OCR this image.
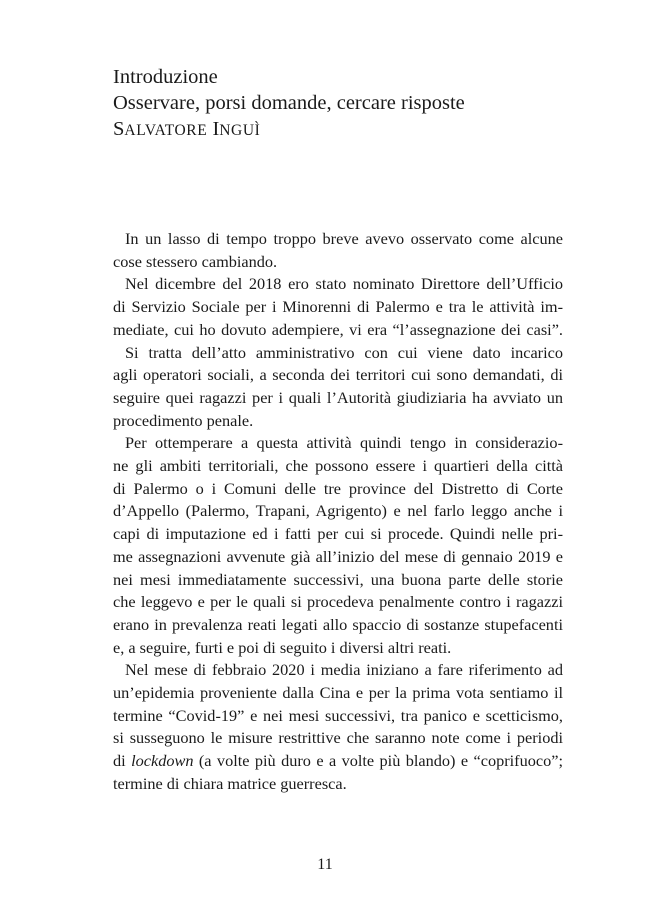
Introduzione
Osservare, porsi domande, cercare risposte
SALVATORE INGUÌ

In un lasso di tempo troppo breve avevo osservato come alcune
cose stessero cambiando.

Nel dicembre del 2018 ero stato nominato Direttore dell’Ufficio
di Servizio Sociale per i Minorenni di Palermo e tra le attività im-
mediate, cui ho dovuto adempiere, vi era “l’assegnazione dei casi”.

Si tratta dell’atto amministrativo con cui viene dato incarico
agli operatori sociali, a seconda dei territori cui sono demandati, di
seguire quei ragazzi per i quali l’Autorità giudiziaria ha avviato un
procedimento penale.

Per ottemperare a questa attività quindi tengo in considerazio-
ne gli ambiti territoriali, che possono essere i quartieri della città
di Palermo o i Comuni delle tre province del Distretto di Corte
d’Appello (Palermo, Trapani, Agrigento) e nel farlo leggo anche i
capi di imputazione ed i fatti per cui si procede. Quindi nelle pri-
me assegnazioni avvenute già all’inizio del mese di gennaio 2019 e
nei mesi immediatamente successivi, una buona parte delle storie
che leggevo e per le quali si procedeva penalmente contro i ragazzi
erano in prevalenza reati legati allo spaccio di sostanze stupefacenti
e, a seguire, furti e poi di seguito i diversi altri reati.

Nel mese di febbraio 2020 i media iniziano a fare riferimento ad
un’epidemia proveniente dalla Cina e per la prima vota sentiamo il
termine “Covid-19” e nei mesi successivi, tra panico e scetticismo,
si susseguono le misure restrittive che saranno note come i periodi
di lockdown (a volte più duro e a volte più blando) e “coprifuoco”;
termine di chiara matrice guerresca.

11
